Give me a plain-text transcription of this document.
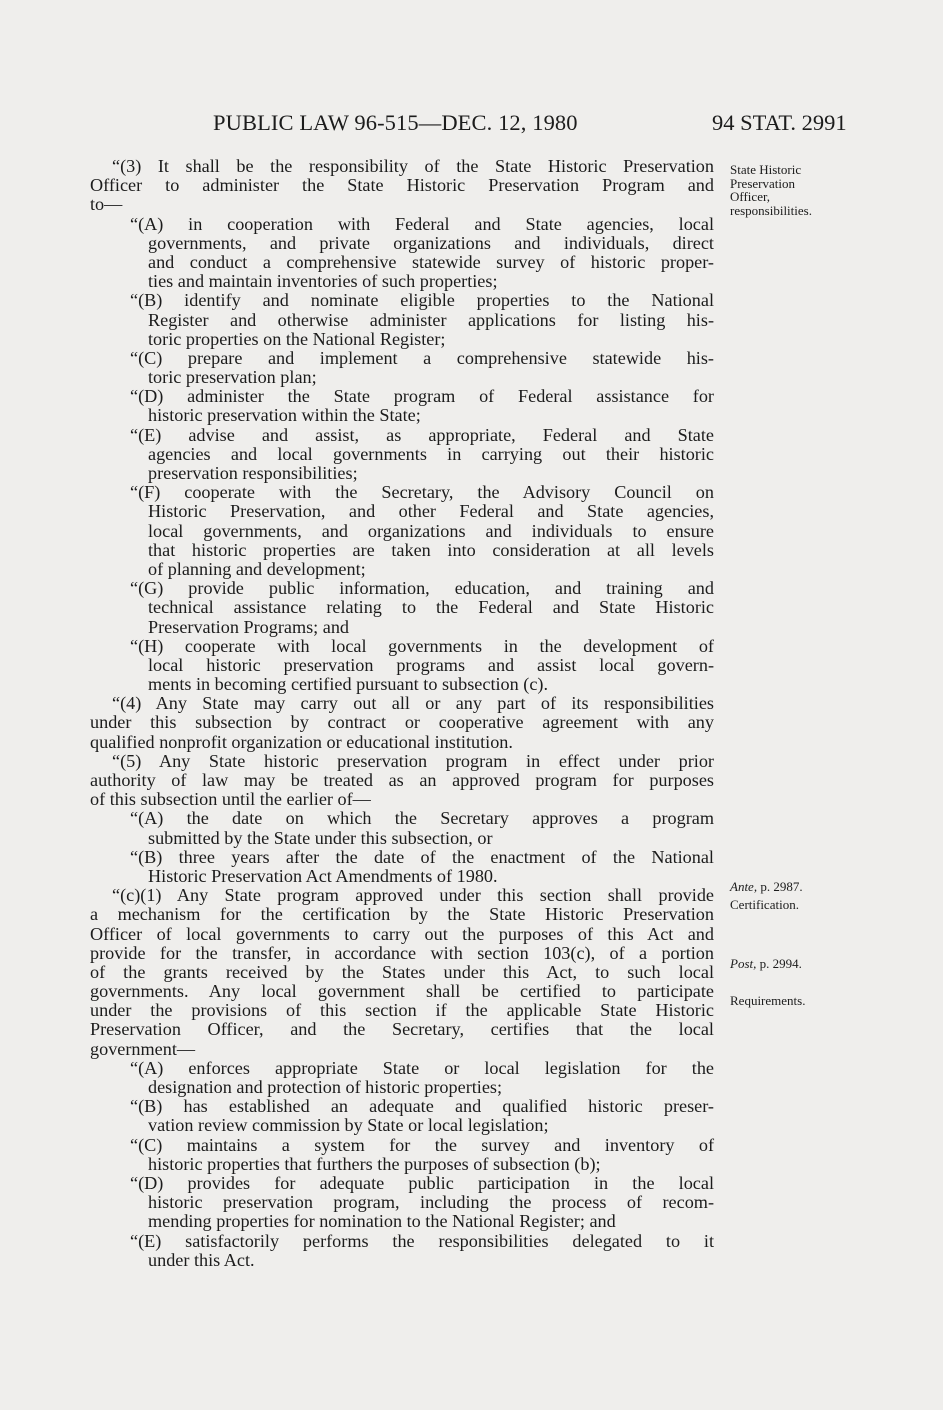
PUBLIC LAW 96-515—DEC. 12, 1980	94 STAT. 2991
“(3) It shall be the responsibility of the State Historic Preservation
Officer to administer the State Historic Preservation Program and
to—
“(A) in cooperation with Federal and State agencies, local
governments, and private organizations and individuals, direct
and conduct a comprehensive statewide survey of historic proper-
ties and maintain inventories of such properties;
“(B) identify and nominate eligible properties to the National
Register and otherwise administer applications for listing his-
toric properties on the National Register;
“(C) prepare and implement a comprehensive statewide his-
toric preservation plan;
“(D) administer the State program of Federal assistance for
historic preservation within the State;
“(E) advise and assist, as appropriate, Federal and State
agencies and local governments in carrying out their historic
preservation responsibilities;
“(F) cooperate with the Secretary, the Advisory Council on
Historic Preservation, and other Federal and State agencies,
local governments, and organizations and individuals to ensure
that historic properties are taken into consideration at all levels
of planning and development;
“(G) provide public information, education, and training and
technical assistance relating to the Federal and State Historic
Preservation Programs; and
“(H) cooperate with local governments in the development of
local historic preservation programs and assist local govern-
ments in becoming certified pursuant to subsection (c).
“(4) Any State may carry out all or any part of its responsibilities
under this subsection by contract or cooperative agreement with any
qualified nonprofit organization or educational institution.
“(5) Any State historic preservation program in effect under prior
authority of law may be treated as an approved program for purposes
of this subsection until the earlier of—
“(A) the date on which the Secretary approves a program
submitted by the State under this subsection, or
“(B) three years after the date of the enactment of the National
Historic Preservation Act Amendments of 1980.
“(c)(1) Any State program approved under this section shall provide
a mechanism for the certification by the State Historic Preservation
Officer of local governments to carry out the purposes of this Act and
provide for the transfer, in accordance with section 103(c), of a portion
of the grants received by the States under this Act, to such local
governments. Any local government shall be certified to participate
under the provisions of this section if the applicable State Historic
Preservation Officer, and the Secretary, certifies that the local
government—
“(A) enforces appropriate State or local legislation for the
designation and protection of historic properties;
“(B) has established an adequate and qualified historic preser-
vation review commission by State or local legislation;
“(C) maintains a system for the survey and inventory of
historic properties that furthers the purposes of subsection (b);
“(D) provides for adequate public participation in the local
historic preservation program, including the process of recom-
mending properties for nomination to the National Register; and
“(E) satisfactorily performs the responsibilities delegated to it
under this Act.
State Historic
Preservation
Officer,
responsibilities.
Ante, p. 2987.
Certification.
Post, p. 2994.
Requirements.
